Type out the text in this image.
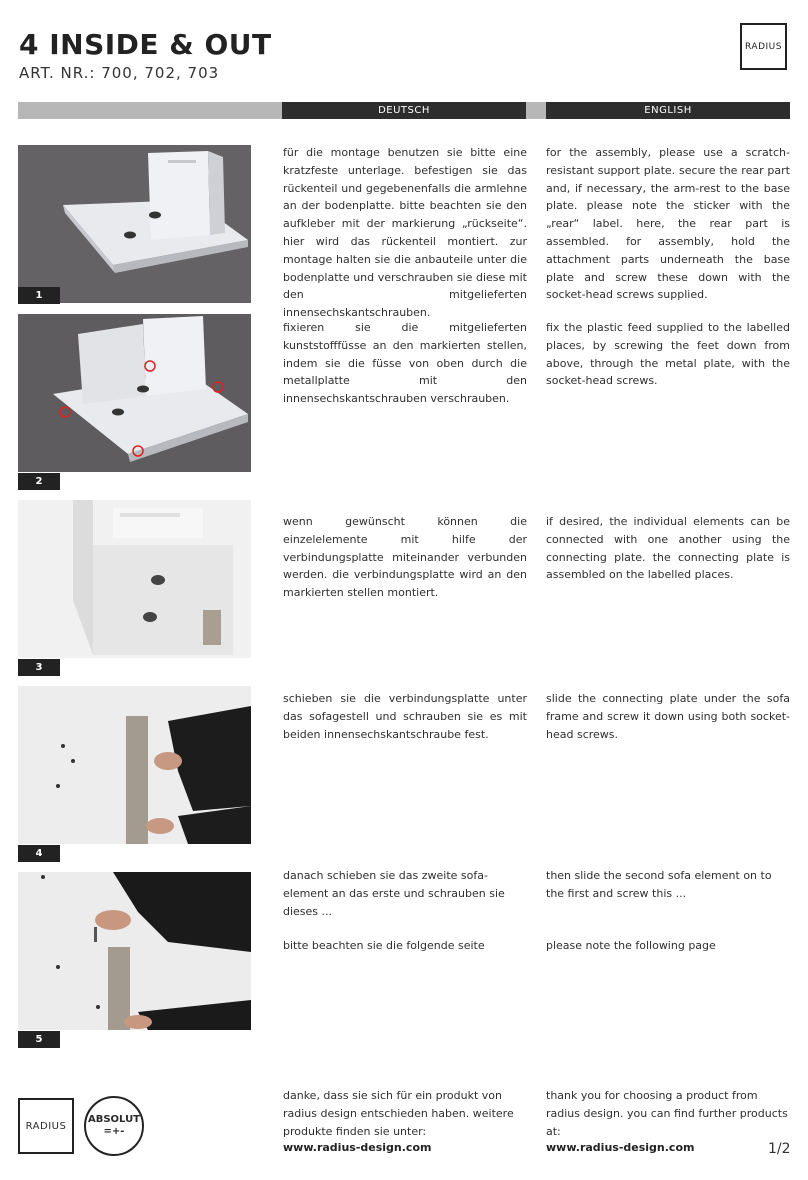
4 INSIDE & OUT
ART. NR.: 700, 702, 703
RADIUS
DEUTSCH	ENGLISH
1
für die montage benutzen sie bitte eine kratzfeste unterlage. befestigen sie das rückenteil und gegebenenfalls die armlehne an der bodenplatte. bitte beachten sie den aufkleber mit der markierung „rückseite“. hier wird das rückenteil montiert. zur montage halten sie die anbauteile unter die bodenplatte und verschrauben sie diese mit den mitgelieferten innensechskantschrauben.
for the assembly, please use a scratch-resistant support plate. secure the rear part and, if necessary, the arm-rest to the base plate. please note the sticker with the „rear“ label. here, the rear part is assembled. for assembly, hold the attachment parts underneath the base plate and screw these down with the socket-head screws supplied.
2
fixieren sie die mitgelieferten kunststofffüsse an den markierten stellen, indem sie die füsse von oben durch die metallplatte mit den innensechskantschrauben verschrauben.
fix the plastic feed supplied to the labelled places, by screwing the feet down from above, through the metal plate, with the socket-head screws.
3
wenn gewünscht können die einzelelemente mit hilfe der verbindungsplatte miteinander verbunden werden. die verbindungsplatte wird an den markierten stellen montiert.
if desired, the individual elements can be connected with one another using the connecting plate. the connecting plate is assembled on the labelled places.
4
schieben sie die verbindungsplatte unter das sofagestell und schrauben sie es mit beiden innensechskantschraube fest.
slide the connecting plate under the sofa frame and screw it down using both socket-head screws.
5
danach schieben sie das zweite sofa-element an das erste und schrauben sie dieses ...
then slide the second sofa element on to the first and screw this ...
bitte beachten sie die folgende seite	please note the following page
RADIUS
ABSOLUT
=+-
danke, dass sie sich für ein produkt von radius design entschieden haben. weitere produkte finden sie unter:
thank you for choosing a product from radius design. you can find further products at:
www.radius-design.com	www.radius-design.com	1/2
